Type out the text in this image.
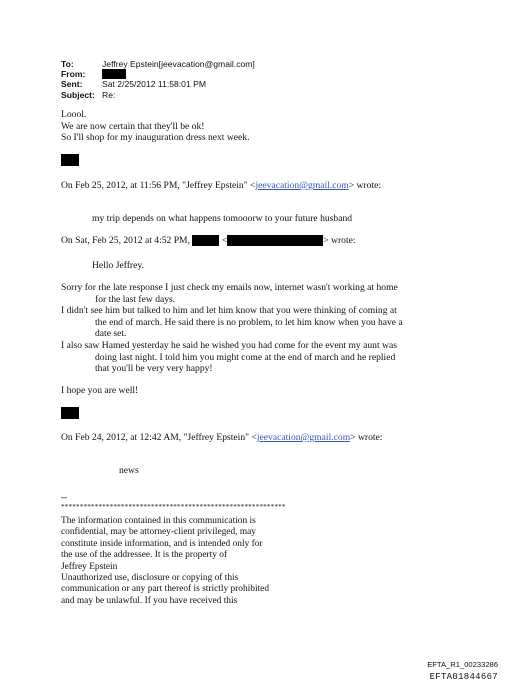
To:	Jeffrey Epstein[jeevacation@gmail.com]
From:
Sent:	Sat 2/25/2012 11:58:01 PM
Subject: Re:
Loool.
We are now certain that they'll be ok!
So I'll shop for my inauguration dress next week.
On Feb 25, 2012, at 11:56 PM, "Jeffrey Epstein" <jeevacation@gmail.com> wrote:
my trip depends on what happens tomooorw to your future husband
On Sat, Feb 25, 2012 at 4:52 PM,	<	> wrote:
Hello Jeffrey.

Sorry for rhe late response I just check my emails now, internet wasn't working at home

for the last few days.

I didn't see him but talked to him and let him know that you were thinking of coming at

the end of march. He said there is no problem, to let him know when you have a

date set.

I also saw Hamed yesterday he said he wished you had come for the event my aunt was

doing last night. I told him you might come at the end of march and he replied

that you'll be very very happy!

I hope you are well!
On Feb 24, 2012, at 12:42 AM, "Jeffrey Epstein" <jeevacation@gmail.com> wrote:
news
--
************************************************************

The information contained in this communication is

confidential, may be attorney-client privileged, may

constitute inside information, and is intended only for

the use of the addressee. It is the property of

Jeffrey Epstein

Unauthorized use, disclosure or copying of this

communication or any part thereof is strictly prohibited

and may be unlawful. If you have received this

EFTA_R1_00233286
EFTA01844667
